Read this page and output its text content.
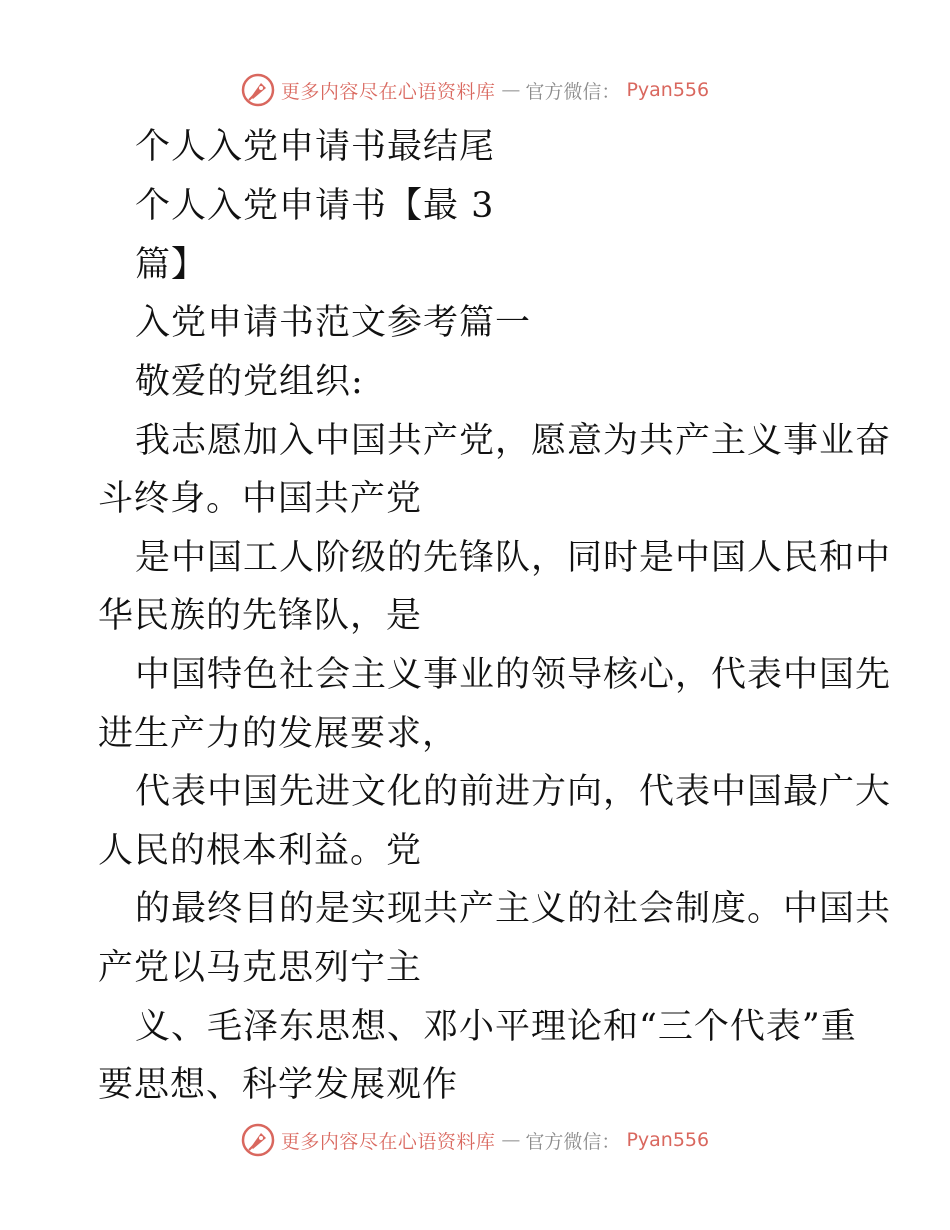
更多内容尽在心语资料库 — 官方微信： Pyan556
个人入党申请书最结尾
个人入党申请书【最 3
篇】
入党申请书范文参考篇一
敬爱的党组织:
我志愿加入中国共产党，愿意为共产主义事业奋
斗终身。中国共产党
是中国工人阶级的先锋队，同时是中国人民和中
华民族的先锋队，是
中国特色社会主义事业的领导核心，代表中国先
进生产力的发展要求，
代表中国先进文化的前进方向，代表中国最广大
人民的根本利益。党
的最终目的是实现共产主义的社会制度。中国共
产党以马克思列宁主
义、毛泽东思想、邓小平理论和“三个代表”重
要思想、科学发展观作
更多内容尽在心语资料库 — 官方微信： Pyan556
